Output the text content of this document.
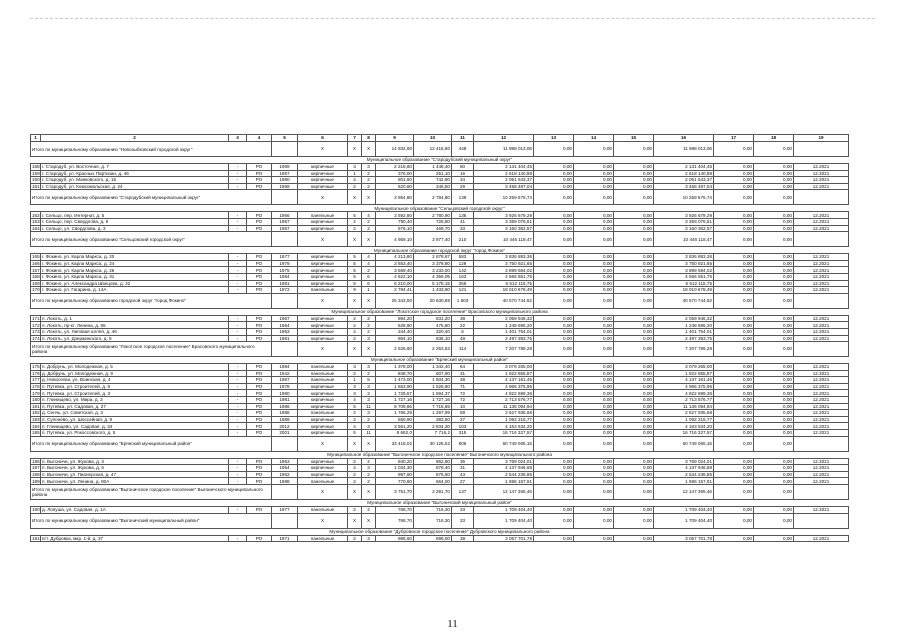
1	2	3	4	5	6	7	8	9	10	11	12	13	14	15	16	17	18	19
Итого по муниципальному образованию "Новозыбковский городской округ"					X	X	X	14 932,60	12 415,80	448	11 988 013,06	0,00	0,00	0,00	11 988 013,06	0,00	0,00	
Муниципальное образование "Стародубский муниципальный округ"																		
158	г. Стародуб, ул. Восточная, д. 7	-	РО	1969	кирпичные	3	3	2 216,60	1 448,40	80	2 131 404,45	0,00	0,00	0,00	2 131 404,45	0,00	0,00	12.2021
159	г. Стародуб, ул. Красных Партизан, д. 46	-	РО	1957	кирпичные	1	2	376,00	251,10	16	2 618 140,88	0,00	0,00	0,00	2 618 140,88	0,00	0,00	12.2021
160	г. Стародуб, ул. Маяковского, д. 15	-	РО	1980	кирпичные	2	2	801,60	742,80	34	2 051 543,37	0,00	0,00	0,00	2 051 543,37	0,00	0,00	12.2021
161	г. Стародуб, ул. Комсомольская, д. 24	-	РО	1969	кирпичные	2	2	620,60	346,50	29	3 458 487,04	0,00	0,00	0,00	3 458 487,04	0,00	0,00	12.2021
Итого по муниципальному образованию "Стародубский муниципальный округ"					X	X	X	3 954,80	2 784,80	139	10 259 575,74	0,00	0,00	0,00	10 259 575,74	0,00	0,00	
Муниципальное образование "Сельцовский городской округ"																		
162	г. Сельцо, пер. Интернат, д. 5	-	РО	1966	панельные	5	4	3 592,60	2 780,90	136	3 926 679,29	0,00	0,00	0,00	3 926 679,29	0,00	0,00	12.2021
163	г. Сельцо, пер. Свердлова, д. 9	-	РО	1957	кирпичные	2	2	790,40	726,80	41	3 359 076,61	0,00	0,00	0,00	3 359 076,61	0,00	0,00	12.2021
164	г. Сельцо, ул. Свердлова, д. 3	-	РО	1957	кирпичные	2	2	576,10	469,70	33	3 160 362,57	0,00	0,00	0,00	3 160 362,57	0,00	0,00	12.2021
Итого по муниципальному образованию "Сельцовский городской округ"					X	X	X	4 959,10	3 977,40	210	10 446 118,47	0,00	0,00	0,00	10 446 118,47	0,00	0,00	
Муниципальное образование городской округ "город Фокино"																		
165	г. Фокино, ул. Карла Маркса, д. 20	-	РО	1977	кирпичные	5	4	4 213,80	2 878,67	583	3 836 883,36	0,00	0,00	0,00	3 836 883,36	0,00	0,00	12.2021
166	г. Фокино, ул. Карла Маркса, д. 24	-	РО	1979	кирпичные	5	4	3 653,40	3 378,80	129	3 750 921,65	0,00	0,00	0,00	3 750 921,65	0,00	0,00	12.2021
167	г. Фокино, ул. Карла Маркса, д. 26	-	РО	1975	кирпичные	5	2	3 569,40	3 233,00	142	3 899 584,02	0,00	0,00	0,00	3 899 584,02	0,00	0,00	12.2021
168	г. Фокино, ул. Карла Маркса, д. 31	-	РО	1984	кирпичные	5	6	4 622,10	4 356,05	163	4 566 551,75	0,00	0,00	0,00	4 566 551,75	0,00	0,00	12.2021
169	г. Фокино, ул. Александра Швецова, д. 22	-	РО	1981	кирпичные	5	6	6 210,00	5 175,15	356	6 512 115,75	0,00	0,00	0,00	6 512 115,75	0,00	0,00	12.2021
170	г. Фокино, ул. Гагарина, д. 14А	-	РО	1972	панельные	9	1	2 784,41	1 433,90	121	18 010 678,49	0,00	0,00	0,00	18 010 678,49	0,00	0,00	12.2021
Итого по муниципальному образованию городской округ "город Фокино"					X	X	X	25 343,50	20 630,85	1 503	40 570 744,52	0,00	0,00	0,00	40 570 744,52	0,00	0,00	
Муниципальное образование "Локотское городское поселение" Брасовского муниципального района																		
171	п. Локоть, д. 1	-	РО	1967	кирпичные	2	2	894,20	831,20	38	2 059 946,32	0,00	0,00	0,00	2 059 946,32	0,00	0,00	12.2021
172	п. Локоть, пр-кт. Ленина, д. 65	-	РО	1964	кирпичные	2	2	528,90	475,80	22	1 248 695,20	0,00	0,00	0,00	1 248 695,20	0,00	0,00	12.2021
173	п. Локоть, ул. Липовая аллея, д. 46	-	РО	1963	кирпичные	2	2	344,40	320,40	6	1 401 754,01	0,00	0,00	0,00	1 401 754,01	0,00	0,00	12.2021
174	п. Локоть, ул. Дзержинского, д. 9	-	РО	1981	кирпичные	2	3	954,10	836,10	48	2 497 393,75	0,00	0,00	0,00	2 497 393,75	0,00	0,00	12.2021
Итого по муниципальному образованию "Локотское городское поселение" Брасовского муниципального района					X	X	X	2 526,60	2 263,53	114	7 207 789,28	0,00	0,00	0,00	7 207 789,28	0,00	0,00	
Муниципальное образование "Брянский муниципальный район"																		
175	п. Добрунь, ул. Молодежная, д. 5	-	РО	1984	панельные	3	3	1 378,00	1 342,40	64	3 079 265,00	0,00	0,00	0,00	3 079 265,00	0,00	0,00	12.2021
176	д. Добрунь, ул. Молодежная, д. 9	-	РО	1942	панельные	2	2	848,70	607,90	31	1 922 655,87	0,00	0,00	0,00	1 922 655,87	0,00	0,00	12.2021
177	д. Новоселки, ул. Воинская, д. 4	-	РО	1987	панельные	1	5	1 473,00	1 604,30	38	4 137 161,45	0,00	0,00	0,00	4 137 161,45	0,00	0,00	12.2021
178	п. Путевка, ул. Строителей, д. 9	-	РО	1978	кирпичные	3	3	1 653,90	1 526,80	71	4 966 375,96	0,00	0,00	0,00	4 966 375,96	0,00	0,00	12.2021
179	п. Путевка, ул. Строителей, д. 3	-	РО	1980	кирпичные	3	3	1 729,57	1 594,37	72	4 822 699,36	0,00	0,00	0,00	4 822 699,36	0,00	0,00	12.2021
180	п. Глинищево, ул. Мира, д. 3	-	РО	1981	кирпичные	4	3	1 727,16	1 727,16	72	2 713 576,77	0,00	0,00	0,00	2 713 576,77	0,00	0,00	12.2021
181	п. Путевка, ул. Садовая, д. 27	-	РО	1986	кирпичные	5	11	8 709,86	7 715,85	10	11 136 094,94	0,00	0,00	0,00	11 136 094,94	0,00	0,00	12.2021
182	д. Сенчь, ул. Советская, д. 3	-	РО	1988	панельные	2	3	1 766,29	1 267,99	58	2 627 935,68	0,00	0,00	0,00	2 627 935,68	0,00	0,00	12.2021
183	п. Супонево, ул. Шоссейная, д. 9	-	РО	1989	кирпичные	2	2	550,90	383,50	27	1 092 215,77	0,00	0,00	0,00	1 092 215,77	0,00	0,00	12.2021
184	п. Глинищево, ул. Садовая, д. 34	-	РО	2012	кирпичные	4	3	3 561,20	2 834,30	103	4 163 634,20	0,00	0,00	0,00	4 163 634,20	0,00	0,00	12.2021
185	п. Путевка, ул. Рокоссовского, д. 5	-	РО	2001	кирпичные	5	11	8 662,0	7 716,2	315	16 716 327,57	0,00	0,00	0,00	16 716 327,57	0,00	0,00	12.2021
Итого по муниципальному образованию "Брянский муниципальный район"					X	X	X	33 418,02	30 126,52	806	60 749 065,15	0,00	0,00	0,00	60 749 065,15	0,00	0,00	
Муниципальное образование "Выгоничское городское поселение" Выгоничского муниципального района																		
186	п. Выгоничи, ул. Жукова, д. 3	-	РО	1963	кирпичные	2	2	940,20	862,80	36	3 769 024,01	0,00	0,00	0,00	3 769 024,01	0,00	0,00	12.2021
187	п. Выгоничи, ул. Жукова, д. 5	-	РО	1954	кирпичные	2	3	1 034,30	878,40	31	4 137 946,68	0,00	0,00	0,00	4 137 946,68	0,00	0,00	12.2021
188	п. Выгоничи, ул. Пионерская, д. 47	-	РО	1962	кирпичные	2	2	997,60	876,50	43	2 544 236,85	0,00	0,00	0,00	2 544 236,85	0,00	0,00	12.2021
189	п. Выгоничи, ул. Ленина, д. 80А	-	РО	1988	панельные	2	2	770,60	664,00	27	1 696 157,91	0,00	0,00	0,00	1 696 157,91	0,00	0,00	12.2021
Итого по муниципальному образованию "Выгоничское городское поселение" Выгоничского муниципального района					X	X	X	3 751,70	2 281,70	137	12 147 365,46	0,00	0,00	0,00	12 147 365,46	0,00	0,00	
Муниципальное образование "Выгоничский муниципальный район"																		
190	д. Лопуша, ул. Садовая, д. 1А	-	РО	1977	панельные	2	2	768,70	716,30	33	1 709 404,40	0,00	0,00	0,00	1 709 404,40	0,00	0,00	12.2021
Итого по муниципальному образованию "Выгоничский муниципальный район"					X	X	X	768,70	716,30	33	1 709 404,40	0,00	0,00	0,00	1 709 404,40	0,00	0,00	
Муниципальное образование "Дубровское городское поселение" Дубровского муниципального района																		
191	пгт. Дубровка, мкр. 1-й, д. 37	-	РО	1971	панельные	2	3	986,60	896,00	38	3 057 701,78	0,00	0,00	0,00	3 057 701,78	0,00	0,00	12.2021
11
